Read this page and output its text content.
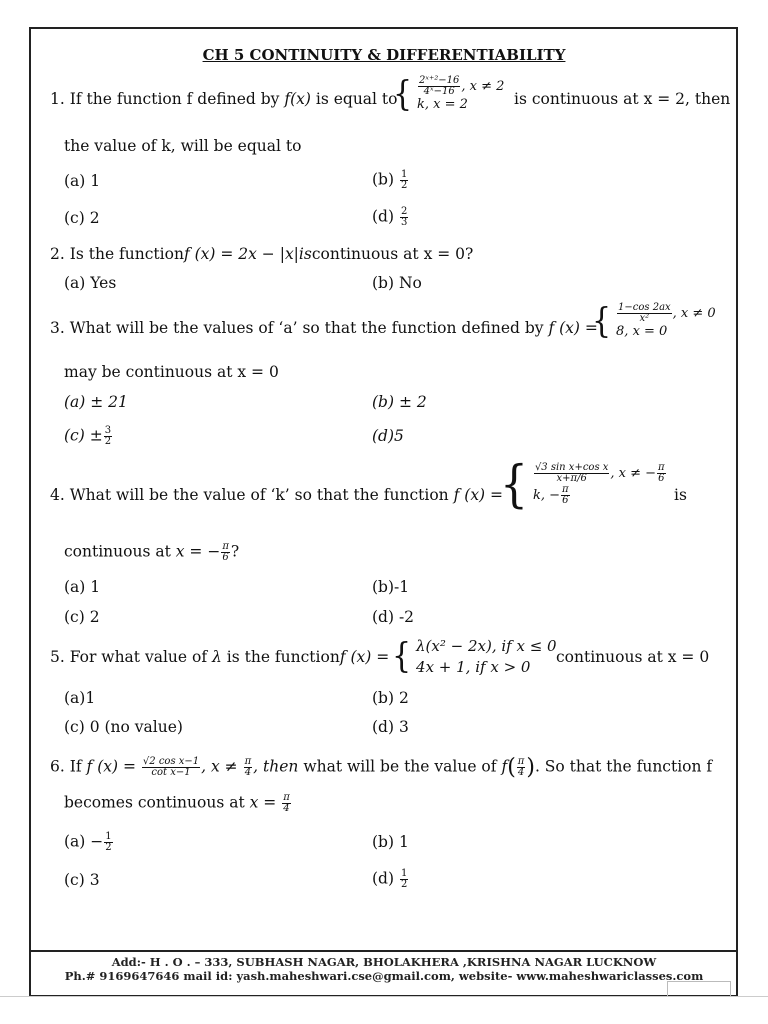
CH 5 CONTINUITY & DIFFERENTIABILITY
1. If the function f defined by f(x) is equal to
{ $\frac{\text{2ˣ⁺²−16}}{\text{4ˣ−16}}$ , x ≠ 2
k, x = 2	is continuous at x = 2, then
the value of k, will be equal to
(a) 1	$(b) \frac{1}{2}$
(c) 2	$(d) \frac{2}{3}$
2. Is the functionf (x) = 2x − |x|iscontinuous at x = 0?
(a) Yes	(b) No
3. What will be the values of ‘a’ so that the function defined by f (x) =
{ $\frac{1-\cos 2ax}{\text{x²}}$ , x ≠ 0
8, x = 0
may be continuous at x = 0
(a) ± 21	(b) ± 2
$(c) \pm \frac{3}{2}$	(d)5
4. What will be the value of ‘k’ so that the function f (x) =
{ $\frac{\text{√3 sin x+cos x}}{x+\pi/6}$ , x ≠ − $\frac{\pi}{6}$
k, − $\frac{\pi}{6}$	is
continuous at x = − $\frac{\pi}{6}$ ?
(a) 1	(b)-1
(c) 2	(d) -2
5. For what value of λ is the functionf (x) = { λ(x² − 2x), if x ≤ 0
4x + 1, if x > 0
continuous at x = 0
(a)1	(b) 2
(c) 0 (no value)	(d) 3
6. If f $(x) = \frac{\text{√2 cos x−1}}{\text{cot x−1}}$ , $x \ne \frac{\pi}{4}$ , then what will be the value of $f( \frac{\pi}{4}$ ). So that the function f
becomes continuous at $x = \frac{\pi}{4}$
$(a) - \frac{1}{2}$	(b) 1
(c) 3	$(d) \frac{1}{2}$
Add:- H . O . – 333, SUBHASH NAGAR, BHOLAKHERA ,KRISHNA NAGAR LUCKNOW
Ph.# 9169647646 mail id: yash.maheshwari.cse@gmail.com, website- www.maheshwariclasses.com
